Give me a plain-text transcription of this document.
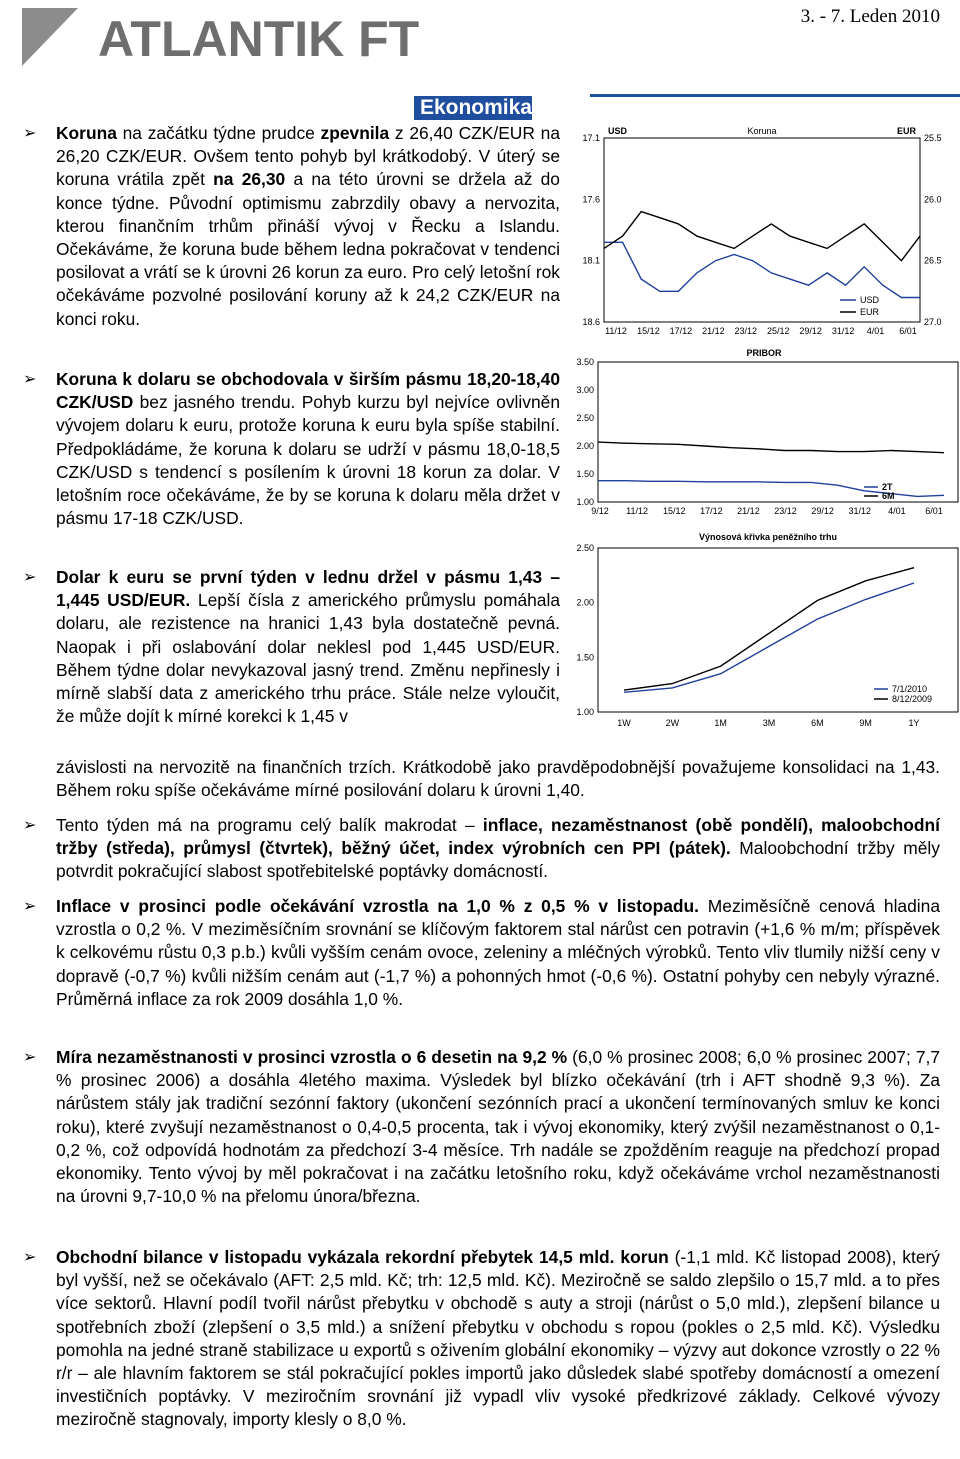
ATLANTIK FT	3. - 7. Leden 2010
Ekonomika
➢ Koruna na začátku týdne prudce zpevnila z 26,40 CZK/EUR na 26,20 CZK/EUR. Ovšem tento pohyb byl krátkodobý. V úterý se koruna vrátila zpět na 26,30 a na této úrovni se držela až do konce týdne. Původní optimismu zabrzdily obavy a nervozita, kterou finančním trhům přináší vývoj v Řecku a Islandu. Očekáváme, že koruna bude během ledna pokračovat v tendenci posilovat a vrátí se k úrovni 26 korun za euro. Pro celý letošní rok očekáváme pozvolné posilování koruny až k 24,2 CZK/EUR na konci roku.

➢ Koruna k dolaru se obchodovala v širším pásmu 18,20-18,40 CZK/USD bez jasného trendu. Pohyb kurzu byl nejvíce ovlivněn vývojem dolaru k euru, protože koruna k euru byla spíše stabilní. Předpokládáme, že koruna k dolaru se udrží v pásmu 18,0-18,5 CZK/USD s tendencí s posílením k úrovni 18 korun za dolar. V letošním roce očekáváme, že by se koruna k dolaru měla držet v pásmu 17-18 CZK/USD.

➢ Dolar k euru se první týden v lednu držel v pásmu 1,43 – 1,445 USD/EUR. Lepší čísla z amerického průmyslu pomáhala dolaru, ale rezistence na hranici 1,43 byla dostatečně pevná. Naopak i při oslabování dolar neklesl pod 1,445 USD/EUR. Během týdne dolar nevykazoval jasný trend. Změnu nepřinesly i mírně slabší data z amerického trhu práce. Stále nelze vyloučit, že může dojít k mírné korekci k 1,45 v

závislosti na nervozitě na finančních trzích. Krátkodobě jako pravděpodobnější považujeme konsolidaci na 1,43. Během roku spíše očekáváme mírné posilování dolaru k úrovni 1,40.

➢ Tento týden má na programu celý balík makrodat – inflace, nezaměstnanost (obě pondělí), maloobchodní tržby (středa), průmysl (čtvrtek), běžný účet, index výrobních cen PPI (pátek). Maloobchodní tržby měly potvrdit pokračující slabost spotřebitelské poptávky domácností.

➢ Inflace v prosinci podle očekávání vzrostla na 1,0 % z 0,5 % v listopadu. Meziměsíčně cenová hladina vzrostla o 0,2 %. V meziměsíčním srovnání se klíčovým faktorem stal nárůst cen potravin (+1,6 % m/m; příspěvek k celkovému růstu 0,3 p.b.) kvůli vyšším cenám ovoce, zeleniny a mléčných výrobků. Tento vliv tlumily nižší ceny v dopravě (-0,7 %) kvůli nižším cenám aut (-1,7 %) a pohonných hmot (-0,6 %). Ostatní pohyby cen nebyly výrazné. Průměrná inflace za rok 2009 dosáhla 1,0 %.

➢ Míra nezaměstnanosti v prosinci vzrostla o 6 desetin na 9,2 % (6,0 % prosinec 2008; 6,0 % prosinec 2007; 7,7 % prosinec 2006) a dosáhla 4letého maxima. Výsledek byl blízko očekávání (trh i AFT shodně 9,3 %). Za nárůstem stály jak tradiční sezónní faktory (ukončení sezónních prací a ukončení termínovaných smluv ke konci roku), které zvyšují nezaměstnanost o 0,4-0,5 procenta, tak i vývoj ekonomiky, který zvýšil nezaměstnanost o 0,1-0,2 %, což odpovídá hodnotám za předchozí 3-4 měsíce. Trh nadále se zpožděním reaguje na předchozí propad ekonomiky. Tento vývoj by měl pokračovat i na začátku letošního roku, když očekáváme vrchol nezaměstnanosti na úrovni 9,7-10,0 % na přelomu února/března.

➢ Obchodní bilance v listopadu vykázala rekordní přebytek 14,5 mld. korun (-1,1 mld. Kč listopad 2008), který byl vyšší, než se očekávalo (AFT: 2,5 mld. Kč; trh: 12,5 mld. Kč). Meziročně se saldo zlepšilo o 15,7 mld. a to přes více sektorů. Hlavní podíl tvořil nárůst přebytku v obchodě s auty a stroji (nárůst o 5,0 mld.), zlepšení bilance u spotřebních zboží (zlepšení o 3,5 mld.) a snížení přebytku v obchodu s ropou (pokles o 2,5 mld. Kč). Výsledku pomohla na jedné straně stabilizace u exportů s oživením globální ekonomiky – výzvy aut dokonce vzrostly o 22 % r/r – ale hlavním faktorem se stál pokračující pokles importů jako důsledek slabé spotřeby domácností a omezení investičních poptávky. V meziročním srovnání již vypadl vliv vysoké předkrizové základy. Celkové vývozy meziročně stagnovaly, importy klesly o 8,0 %.

USD	Koruna	EUR
17.1
17.6
18.1
18.6
25.5
26.0
26.5
27.0
11/12 15/12 17/12 21/12 23/12 25/12 29/12 31/12 4/01 6/01
USD
EUR
PRIBOR
3.50
3.00
2.50
2.00
1.50
1.00
9/12 11/12 15/12 17/12 21/12 23/12 29/12 31/12 4/01 6/01
2T
6M
Výnosová křivka peněžního trhu
2.50
2.00
1.50
1.00
1W	2W	1M	3M	6M	9M	1Y
7/1/2010
8/12/2009
